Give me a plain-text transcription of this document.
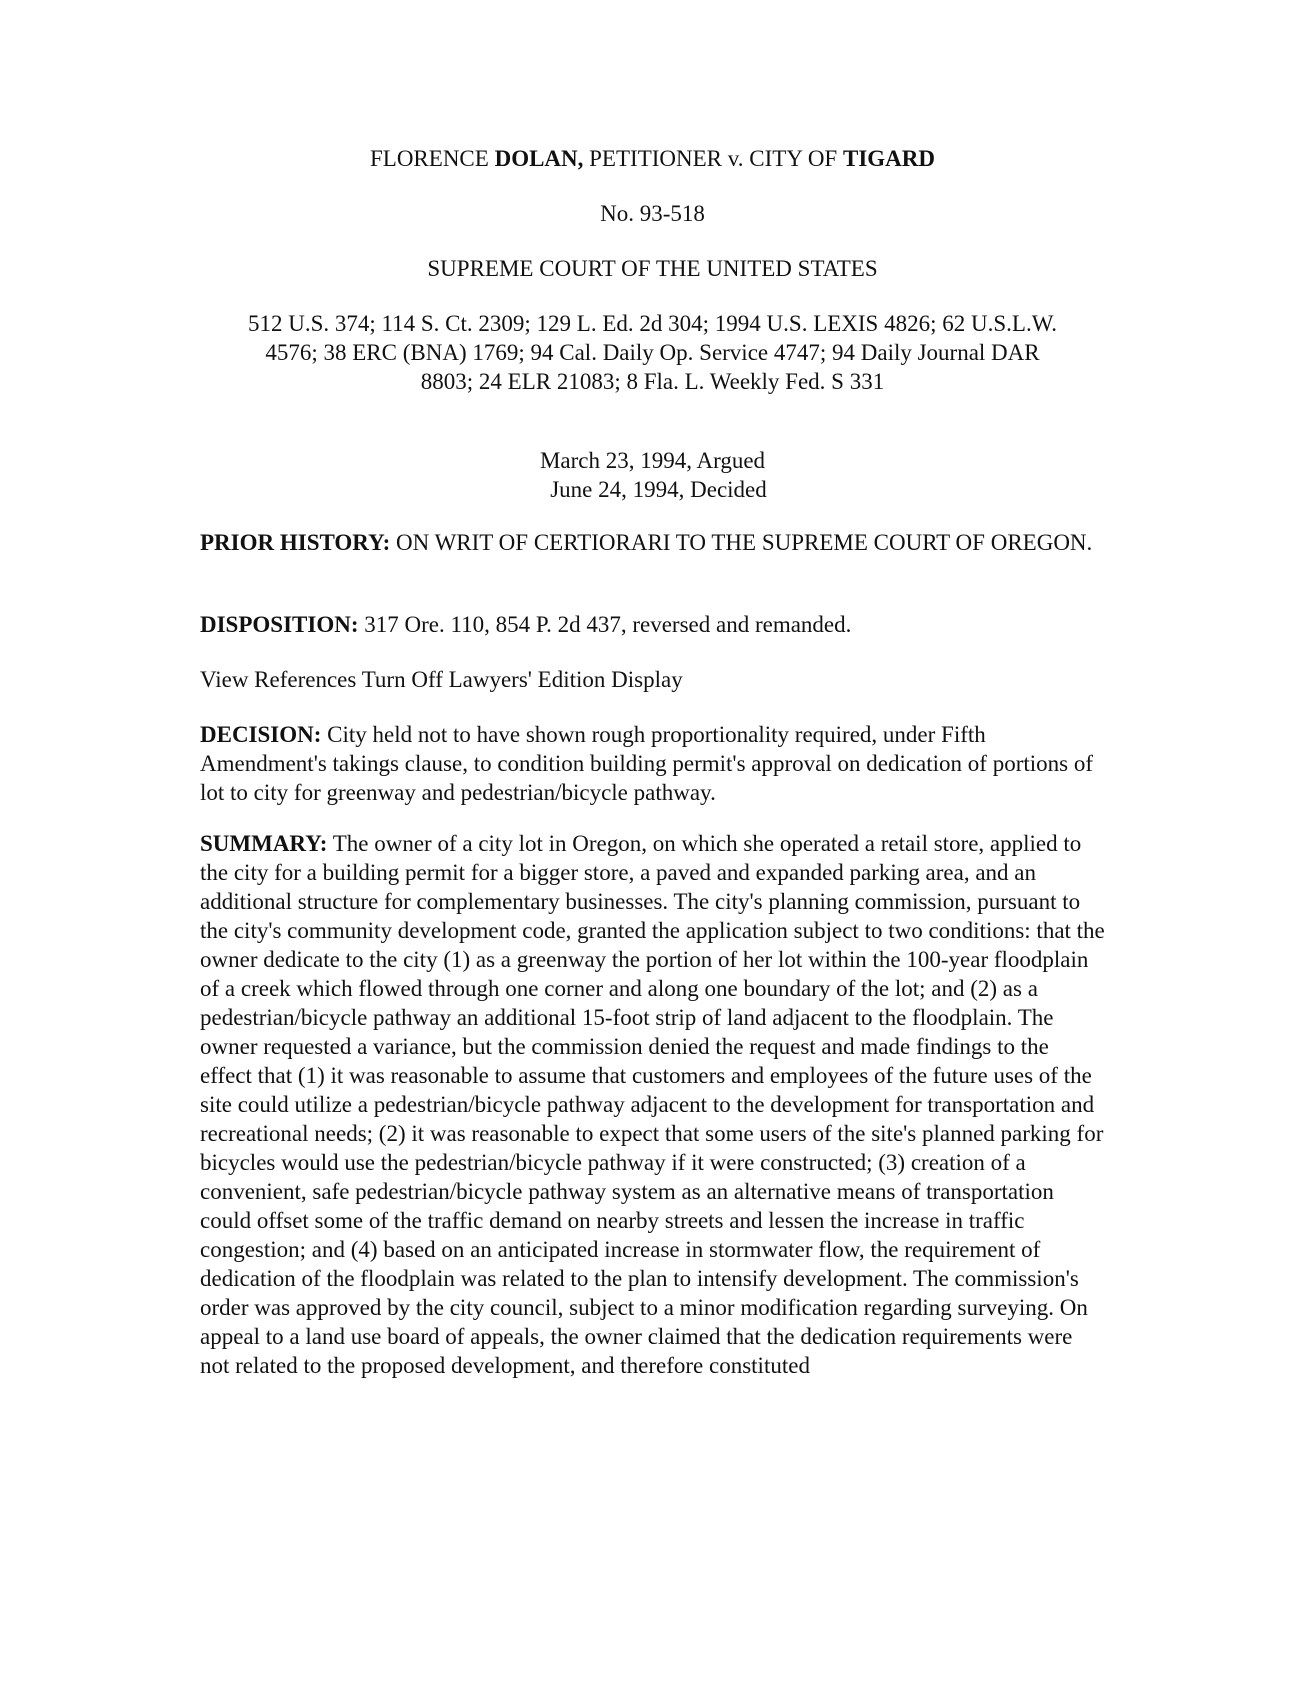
FLORENCE DOLAN, PETITIONER v. CITY OF TIGARD
No. 93-518
SUPREME COURT OF THE UNITED STATES
512 U.S. 374; 114 S. Ct. 2309; 129 L. Ed. 2d 304; 1994 U.S. LEXIS 4826; 62 U.S.L.W.
4576; 38 ERC (BNA) 1769; 94 Cal. Daily Op. Service 4747; 94 Daily Journal DAR
8803; 24 ELR 21083; 8 Fla. L. Weekly Fed. S 331
March 23, 1994, Argued
June 24, 1994, Decided
PRIOR HISTORY: ON WRIT OF CERTIORARI TO THE SUPREME COURT OF OREGON.
DISPOSITION: 317 Ore. 110, 854 P. 2d 437, reversed and remanded.
View References Turn Off Lawyers' Edition Display
DECISION: City held not to have shown rough proportionality required, under Fifth Amendment's takings clause, to condition building permit's approval on dedication of portions of lot to city for greenway and pedestrian/bicycle pathway.
SUMMARY: The owner of a city lot in Oregon, on which she operated a retail store, applied to the city for a building permit for a bigger store, a paved and expanded parking area, and an additional structure for complementary businesses. The city's planning commission, pursuant to the city's community development code, granted the application subject to two conditions: that the owner dedicate to the city (1) as a greenway the portion of her lot within the 100-year floodplain of a creek which flowed through one corner and along one boundary of the lot; and (2) as a pedestrian/bicycle pathway an additional 15-foot strip of land adjacent to the floodplain. The owner requested a variance, but the commission denied the request and made findings to the effect that (1) it was reasonable to assume that customers and employees of the future uses of the site could utilize a pedestrian/bicycle pathway adjacent to the development for transportation and recreational needs; (2) it was reasonable to expect that some users of the site's planned parking for bicycles would use the pedestrian/bicycle pathway if it were constructed; (3) creation of a convenient, safe pedestrian/bicycle pathway system as an alternative means of transportation could offset some of the traffic demand on nearby streets and lessen the increase in traffic congestion; and (4) based on an anticipated increase in stormwater flow, the requirement of dedication of the floodplain was related to the plan to intensify development. The commission's order was approved by the city council, subject to a minor modification regarding surveying. On appeal to a land use board of appeals, the owner claimed that the dedication requirements were not related to the proposed development, and therefore constituted
